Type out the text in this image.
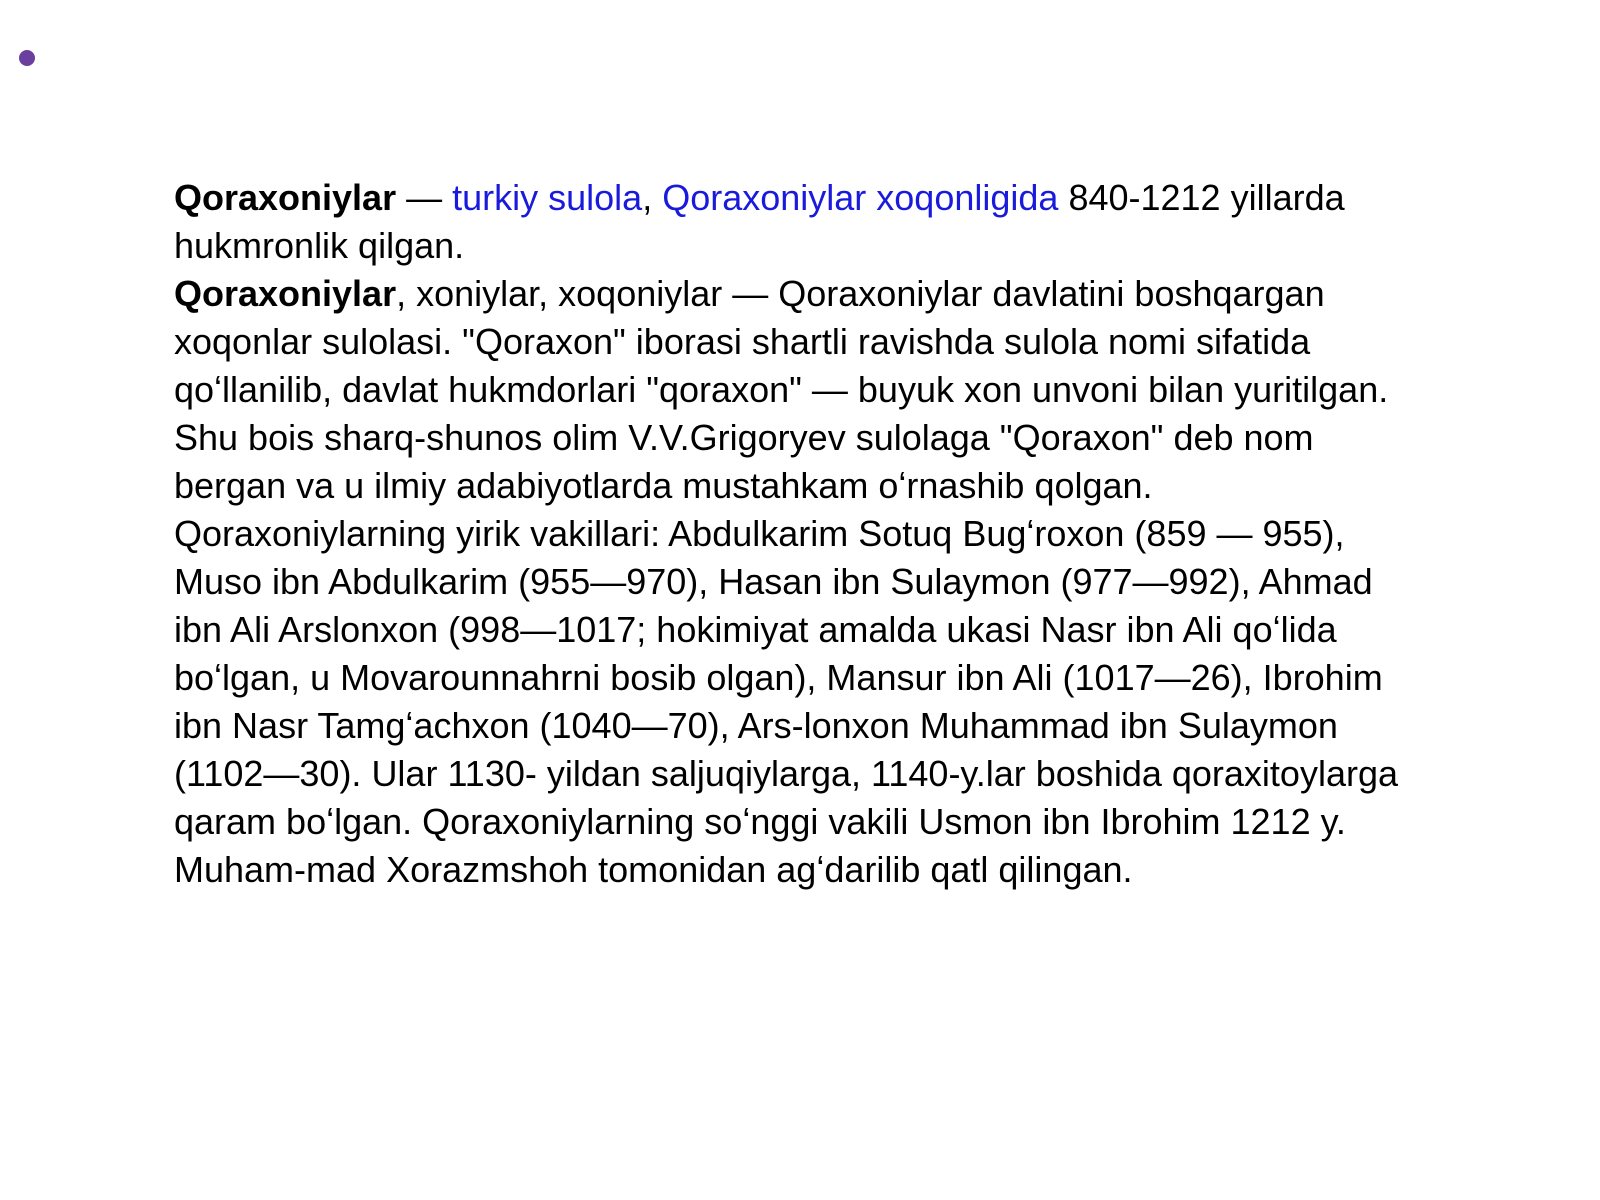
Qoraxoniylar — turkiy sulola, Qoraxoniylar xoqonligida 840-1212 yillarda hukmronlik qilgan.

Qoraxoniylar, xoniylar, xoqoniylar — Qoraxoniylar davlatini boshqargan xoqonlar sulolasi. "Qoraxon" iborasi shartli ravishda sulola nomi sifatida qoʻllanilib, davlat hukmdorlari "qoraxon" — buyuk xon unvoni bilan yuritilgan. Shu bois sharq-shunos olim V.V.Grigoryev sulolaga "Qoraxon" deb nom bergan va u ilmiy adabiyotlarda mustahkam oʻrnashib qolgan. Qoraxoniylarning yirik vakillari: Abdulkarim Sotuq Bugʻroxon (859 — 955), Muso ibn Abdulkarim (955—970), Hasan ibn Sulaymon (977—992), Ahmad ibn Ali Arslonxon (998—1017; hokimiyat amalda ukasi Nasr ibn Ali qoʻlida boʻlgan, u Movarounnahrni bosib olgan), Mansur ibn Ali (1017—26), Ibrohim ibn Nasr Tamgʻachxon (1040—70), Ars-lonxon Muhammad ibn Sulaymon (1102—30). Ular 1130- yildan saljuqiylarga, 1140-y.lar boshida qoraxitoylarga qaram boʻlgan. Qoraxoniylarning soʻnggi vakili Usmon ibn Ibrohim 1212 y. Muham-mad Xorazmshoh tomonidan agʻdarilib qatl qilingan.
